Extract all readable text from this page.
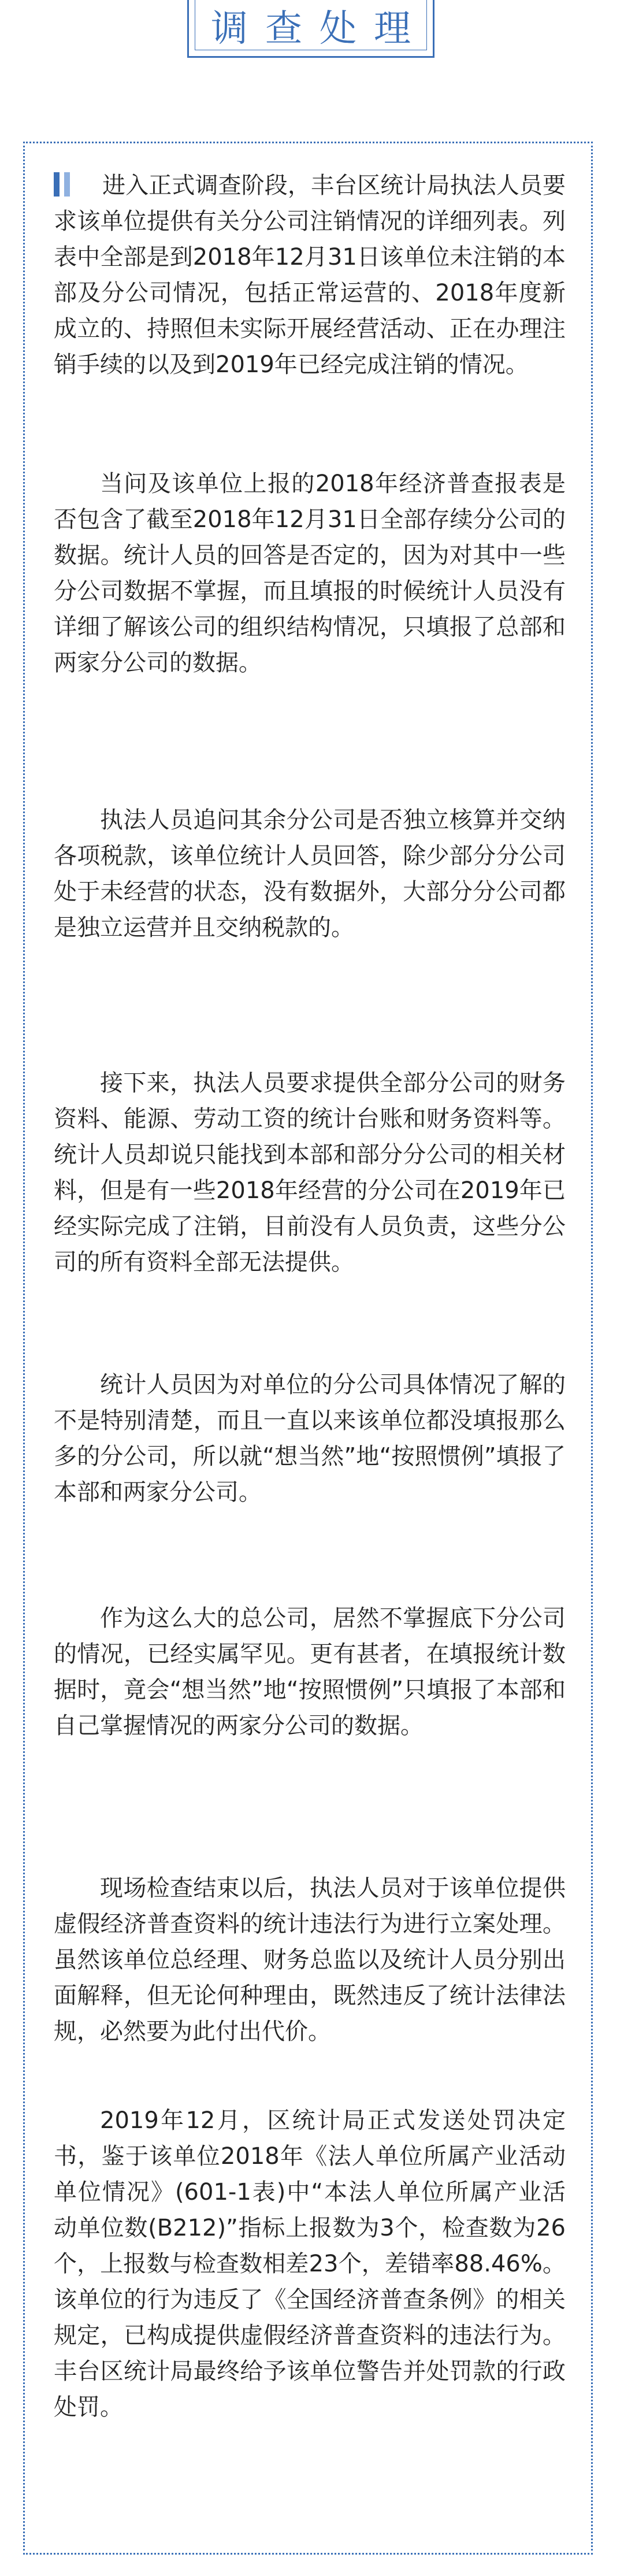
调查处理

进入正式调查阶段，丰台区统计局执法人员要求该单位提供有关分公司注销情况的详细列表。列表中全部是到2018年12月31日该单位未注销的本部及分公司情况，包括正常运营的、2018年度新成立的、持照但未实际开展经营活动、正在办理注销手续的以及到2019年已经完成注销的情况。

当问及该单位上报的2018年经济普查报表是否包含了截至2018年12月31日全部存续分公司的数据。统计人员的回答是否定的，因为对其中一些分公司数据不掌握，而且填报的时候统计人员没有详细了解该公司的组织结构情况，只填报了总部和两家分公司的数据。

执法人员追问其余分公司是否独立核算并交纳各项税款，该单位统计人员回答，除少部分分公司处于未经营的状态，没有数据外，大部分分公司都是独立运营并且交纳税款的。

接下来，执法人员要求提供全部分公司的财务资料、能源、劳动工资的统计台账和财务资料等。统计人员却说只能找到本部和部分分公司的相关材料，但是有一些2018年经营的分公司在2019年已经实际完成了注销，目前没有人员负责，这些分公司的所有资料全部无法提供。

统计人员因为对单位的分公司具体情况了解的不是特别清楚，而且一直以来该单位都没填报那么多的分公司，所以就“想当然”地“按照惯例”填报了本部和两家分公司。

作为这么大的总公司，居然不掌握底下分公司的情况，已经实属罕见。更有甚者，在填报统计数据时，竟会“想当然”地“按照惯例”只填报了本部和自己掌握情况的两家分公司的数据。

现场检查结束以后，执法人员对于该单位提供虚假经济普查资料的统计违法行为进行立案处理。虽然该单位总经理、财务总监以及统计人员分别出面解释，但无论何种理由，既然违反了统计法律法规，必然要为此付出代价。

2019年12月，区统计局正式发送处罚决定书，鉴于该单位2018年《法人单位所属产业活动单位情况》(601-1表)中“本法人单位所属产业活动单位数(B212)”指标上报数为3个，检查数为26个，上报数与检查数相差23个，差错率88.46%。该单位的行为违反了《全国经济普查条例》的相关规定，已构成提供虚假经济普查资料的违法行为。丰台区统计局最终给予该单位警告并处罚款的行政处罚。
